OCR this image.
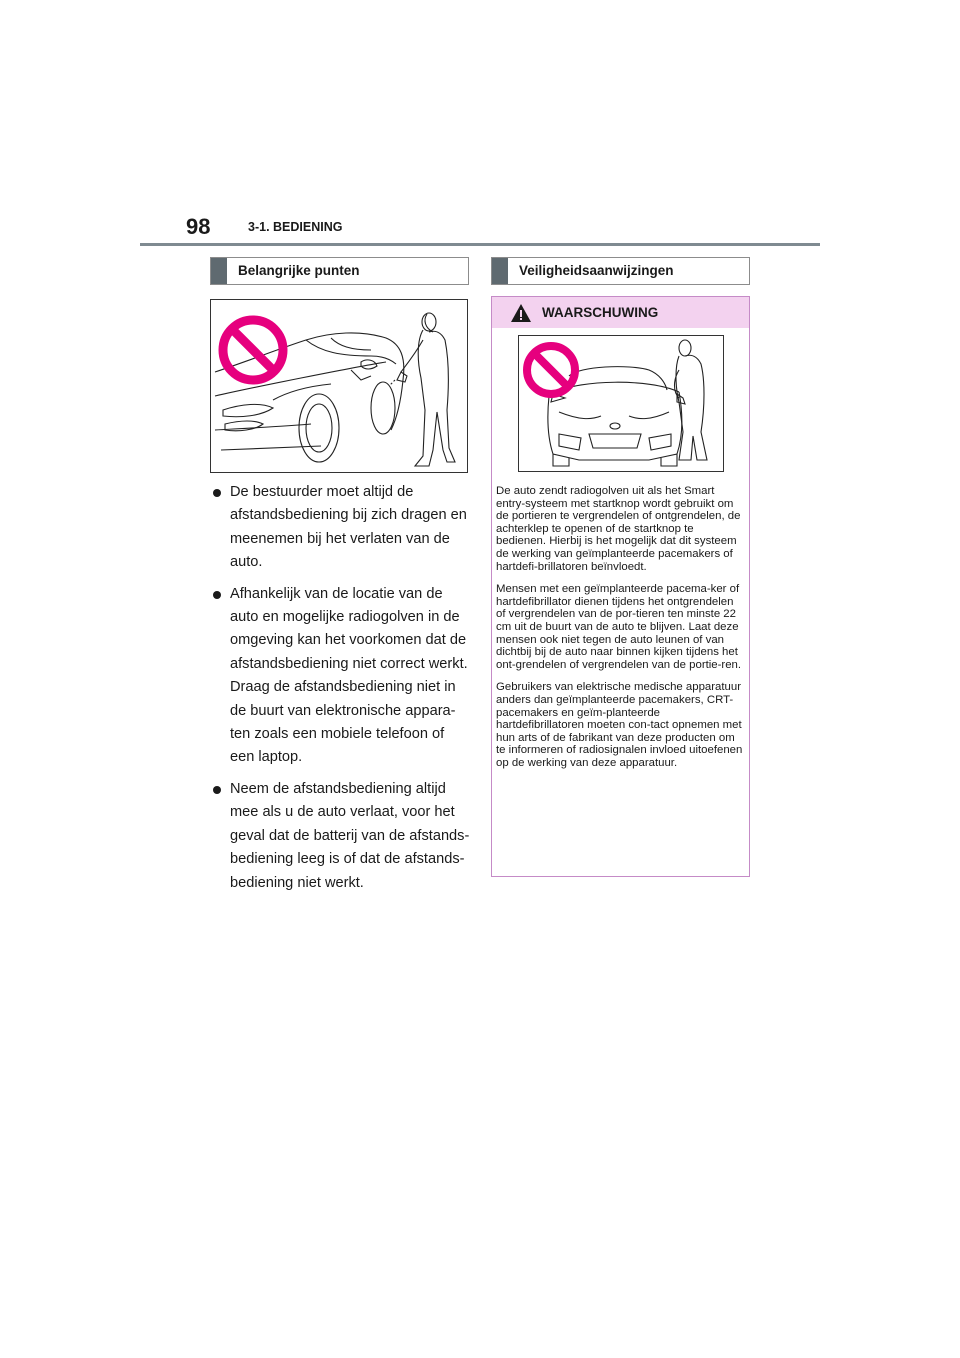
98	3-1. BEDIENING
Belangrijke punten
De bestuurder moet altijd de afstandsbediening bij zich dragen en meenemen bij het verlaten van de auto.
Afhankelijk van de locatie van de auto en mogelijke radiogolven in de omgeving kan het voorkomen dat de afstandsbediening niet correct werkt. Draag de afstandsbediening niet in de buurt van elektronische appara-ten zoals een mobiele telefoon of een laptop.
Neem de afstandsbediening altijd mee als u de auto verlaat, voor het geval dat de batterij van de afstands-bediening leeg is of dat de afstands-bediening niet werkt.
Veiligheidsaanwijzingen
WAARSCHUWING

De auto zendt radiogolven uit als het Smart entry-systeem met startknop wordt gebruikt om de portieren te vergrendelen of ontgrendelen, de achterklep te openen of de startknop te bedienen. Hierbij is het mogelijk dat dit systeem de werking van geïmplanteerde pacemakers of hartdefi-brillatoren beïnvloedt.

Mensen met een geïmplanteerde pacema-ker of hartdefibrillator dienen tijdens het ontgrendelen of vergrendelen van de por-tieren ten minste 22 cm uit de buurt van de auto te blijven. Laat deze mensen ook niet tegen de auto leunen of van dichtbij bij de auto naar binnen kijken tijdens het ont-grendelen of vergrendelen van de portie-ren.

Gebruikers van elektrische medische apparatuur anders dan geïmplanteerde pacemakers, CRT-pacemakers en geïm-planteerde hartdefibrillatoren moeten con-tact opnemen met hun arts of de fabrikant van deze producten om te informeren of radiosignalen invloed uitoefenen op de werking van deze apparatuur.
